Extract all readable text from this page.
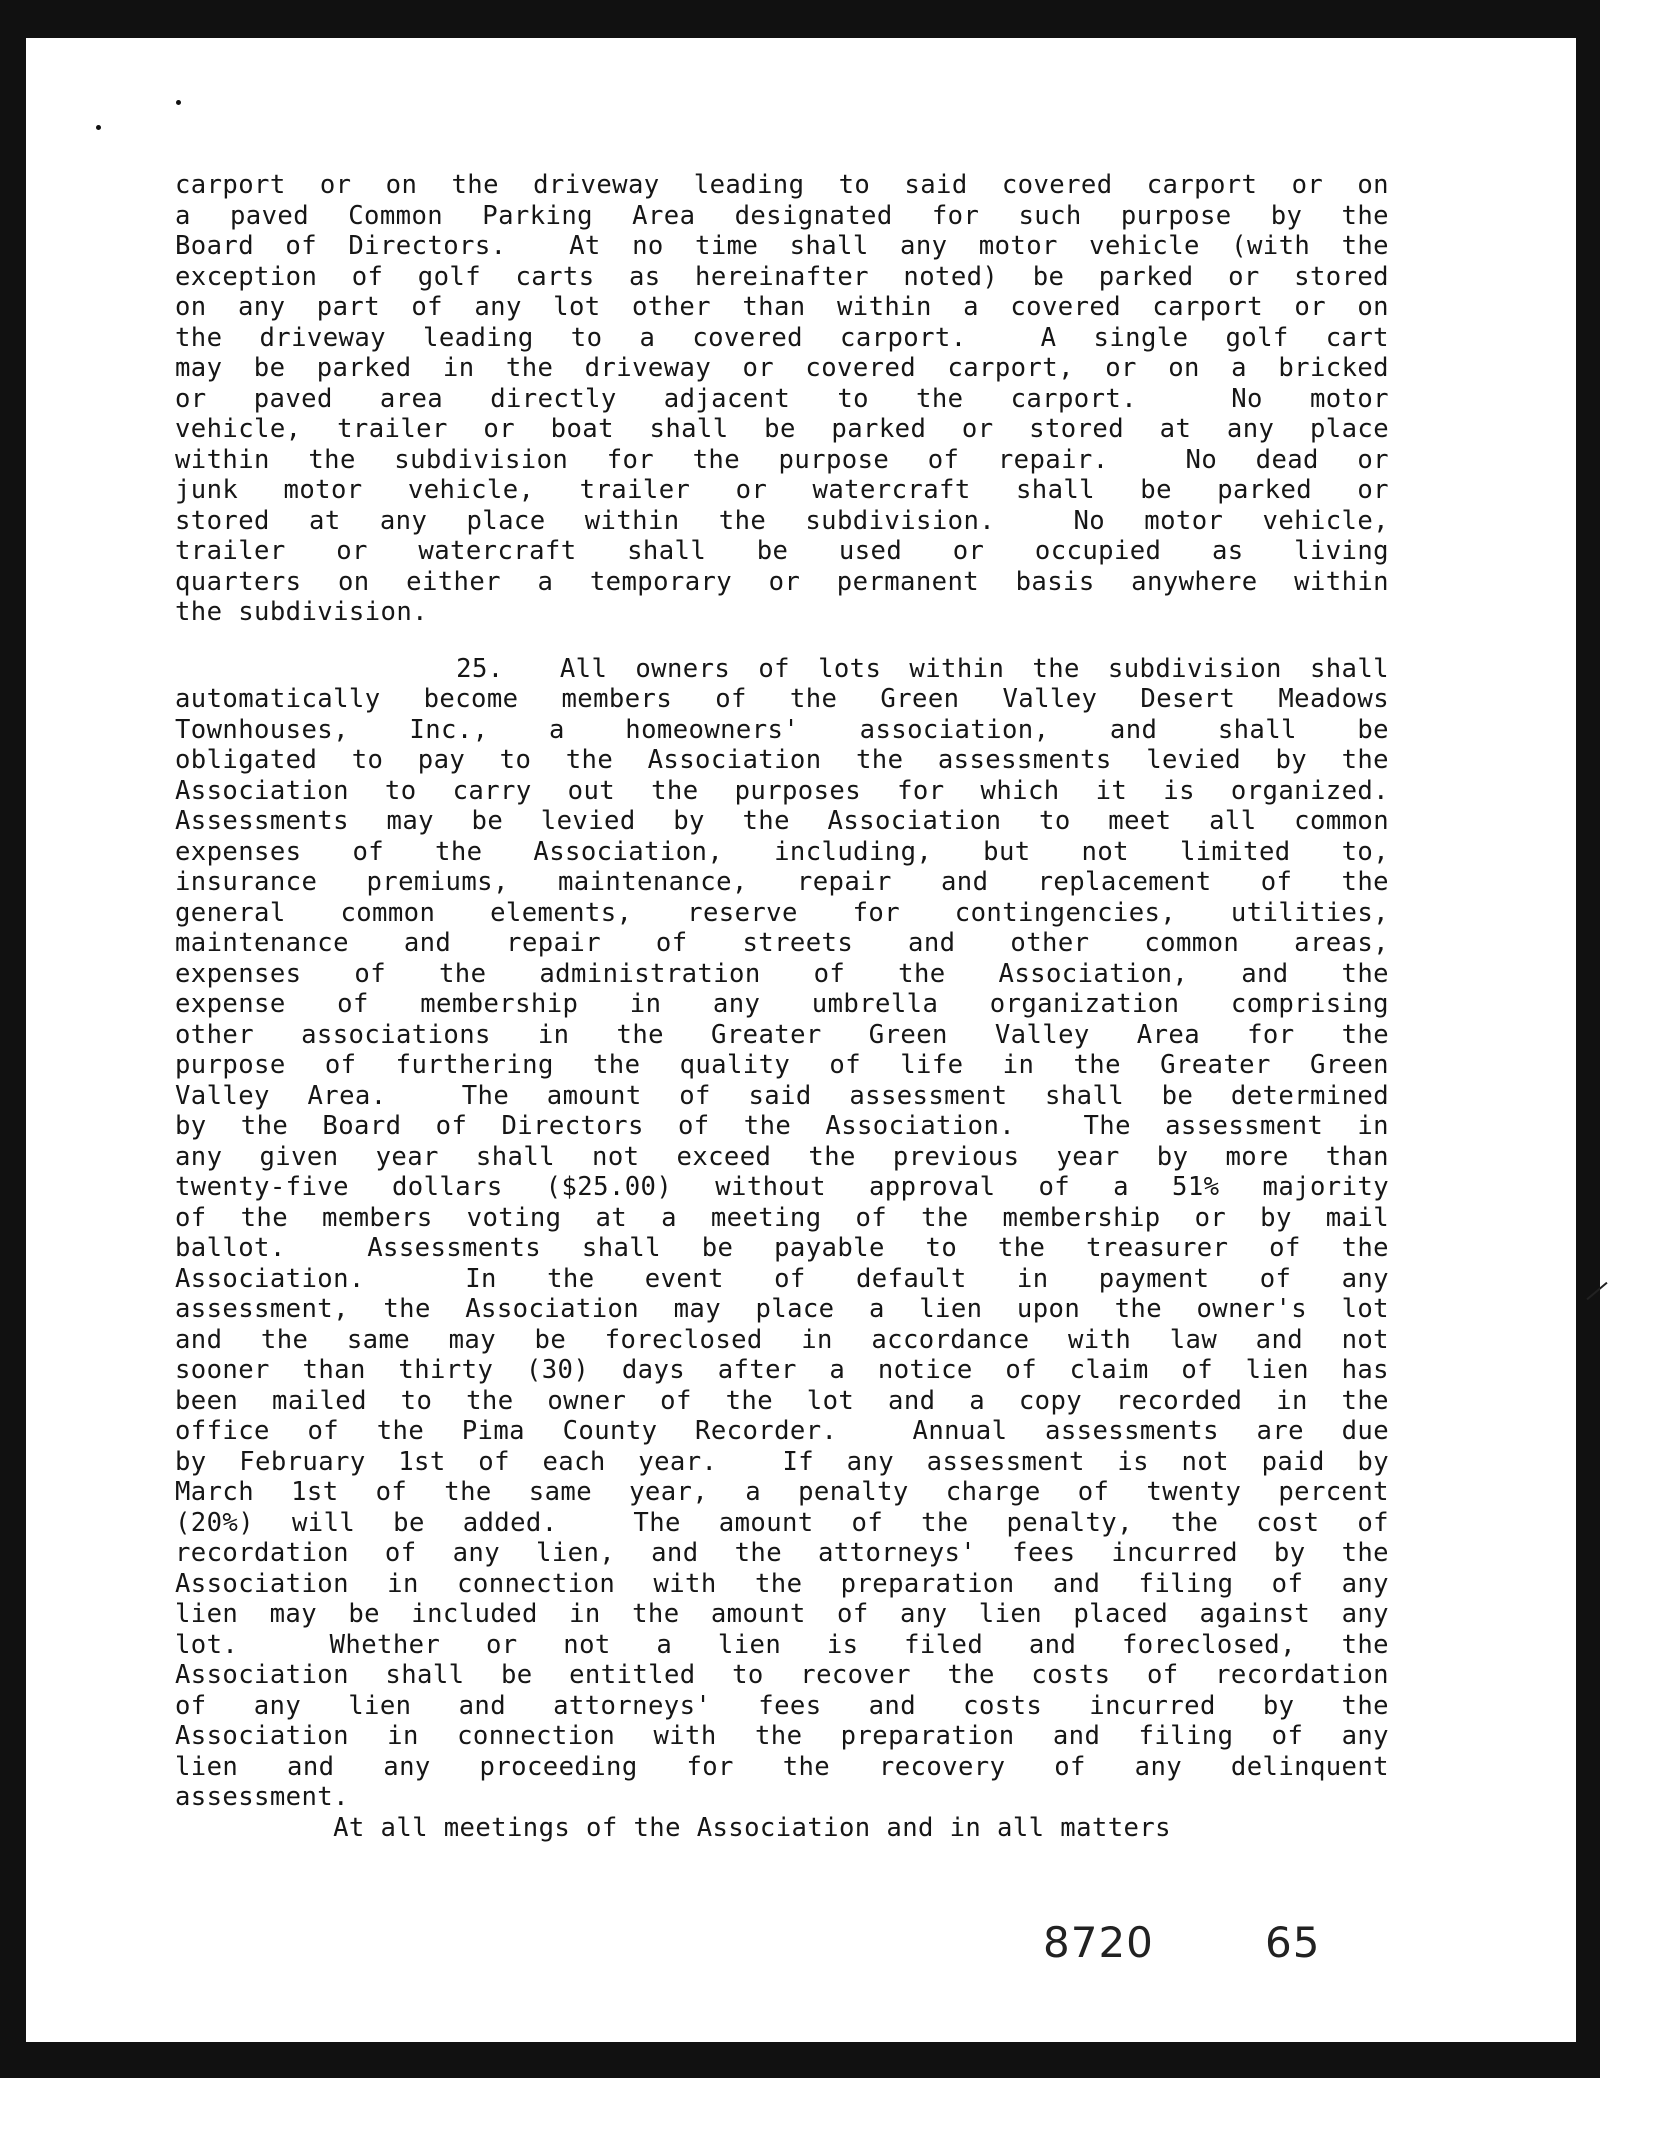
carport or on the driveway leading to said covered carport or on
a paved Common Parking Area designated for such purpose by the
Board of Directors.  At no time shall any motor vehicle (with the
exception of golf carts as hereinafter noted) be parked or stored
on any part of any lot other than within a covered carport or on
the driveway leading to a covered carport.  A single golf cart
may be parked in the driveway or covered carport, or on a bricked
or paved area directly adjacent to the carport.  No motor
vehicle, trailer or boat shall be parked or stored at any place
within the subdivision for the purpose of repair.  No dead or
junk motor vehicle, trailer or watercraft shall be parked or
stored at any place within the subdivision.  No motor vehicle,
trailer or watercraft shall be used or occupied as living
quarters on either a temporary or permanent basis anywhere within
the subdivision.
25.  All owners of lots within the subdivision shall
automatically become members of the Green Valley Desert Meadows
Townhouses, Inc., a homeowners' association, and shall be
obligated to pay to the Association the assessments levied by the
Association to carry out the purposes for which it is organized.
Assessments may be levied by the Association to meet all common
expenses of the Association, including, but not limited to,
insurance premiums, maintenance, repair and replacement of the
general common elements, reserve for contingencies, utilities,
maintenance and repair of streets and other common areas,
expenses of the administration of the Association, and the
expense of membership in any umbrella organization comprising
other associations in the Greater Green Valley Area for the
purpose of furthering the quality of life in the Greater Green
Valley Area.  The amount of said assessment shall be determined
by the Board of Directors of the Association.  The assessment in
any given year shall not exceed the previous year by more than
twenty-five dollars ($25.00) without approval of a 51% majority
of the members voting at a meeting of the membership or by mail
ballot.  Assessments shall be payable to the treasurer of the
Association.  In the event of default in payment of any
assessment, the Association may place a lien upon the owner's lot
and the same may be foreclosed in accordance with law and not
sooner than thirty (30) days after a notice of claim of lien has
been mailed to the owner of the lot and a copy recorded in the
office of the Pima County Recorder.  Annual assessments are due
by February 1st of each year.  If any assessment is not paid by
March 1st of the same year, a penalty charge of twenty percent
(20%) will be added.  The amount of the penalty, the cost of
recordation of any lien, and the attorneys' fees incurred by the
Association in connection with the preparation and filing of any
lien may be included in the amount of any lien placed against any
lot.  Whether or not a lien is filed and foreclosed, the
Association shall be entitled to recover the costs of recordation
of any lien and attorneys' fees and costs incurred by the
Association in connection with the preparation and filing of any
lien and any proceeding for the recovery of any delinquent
assessment.
At all meetings of the Association and in all matters
8720	65
